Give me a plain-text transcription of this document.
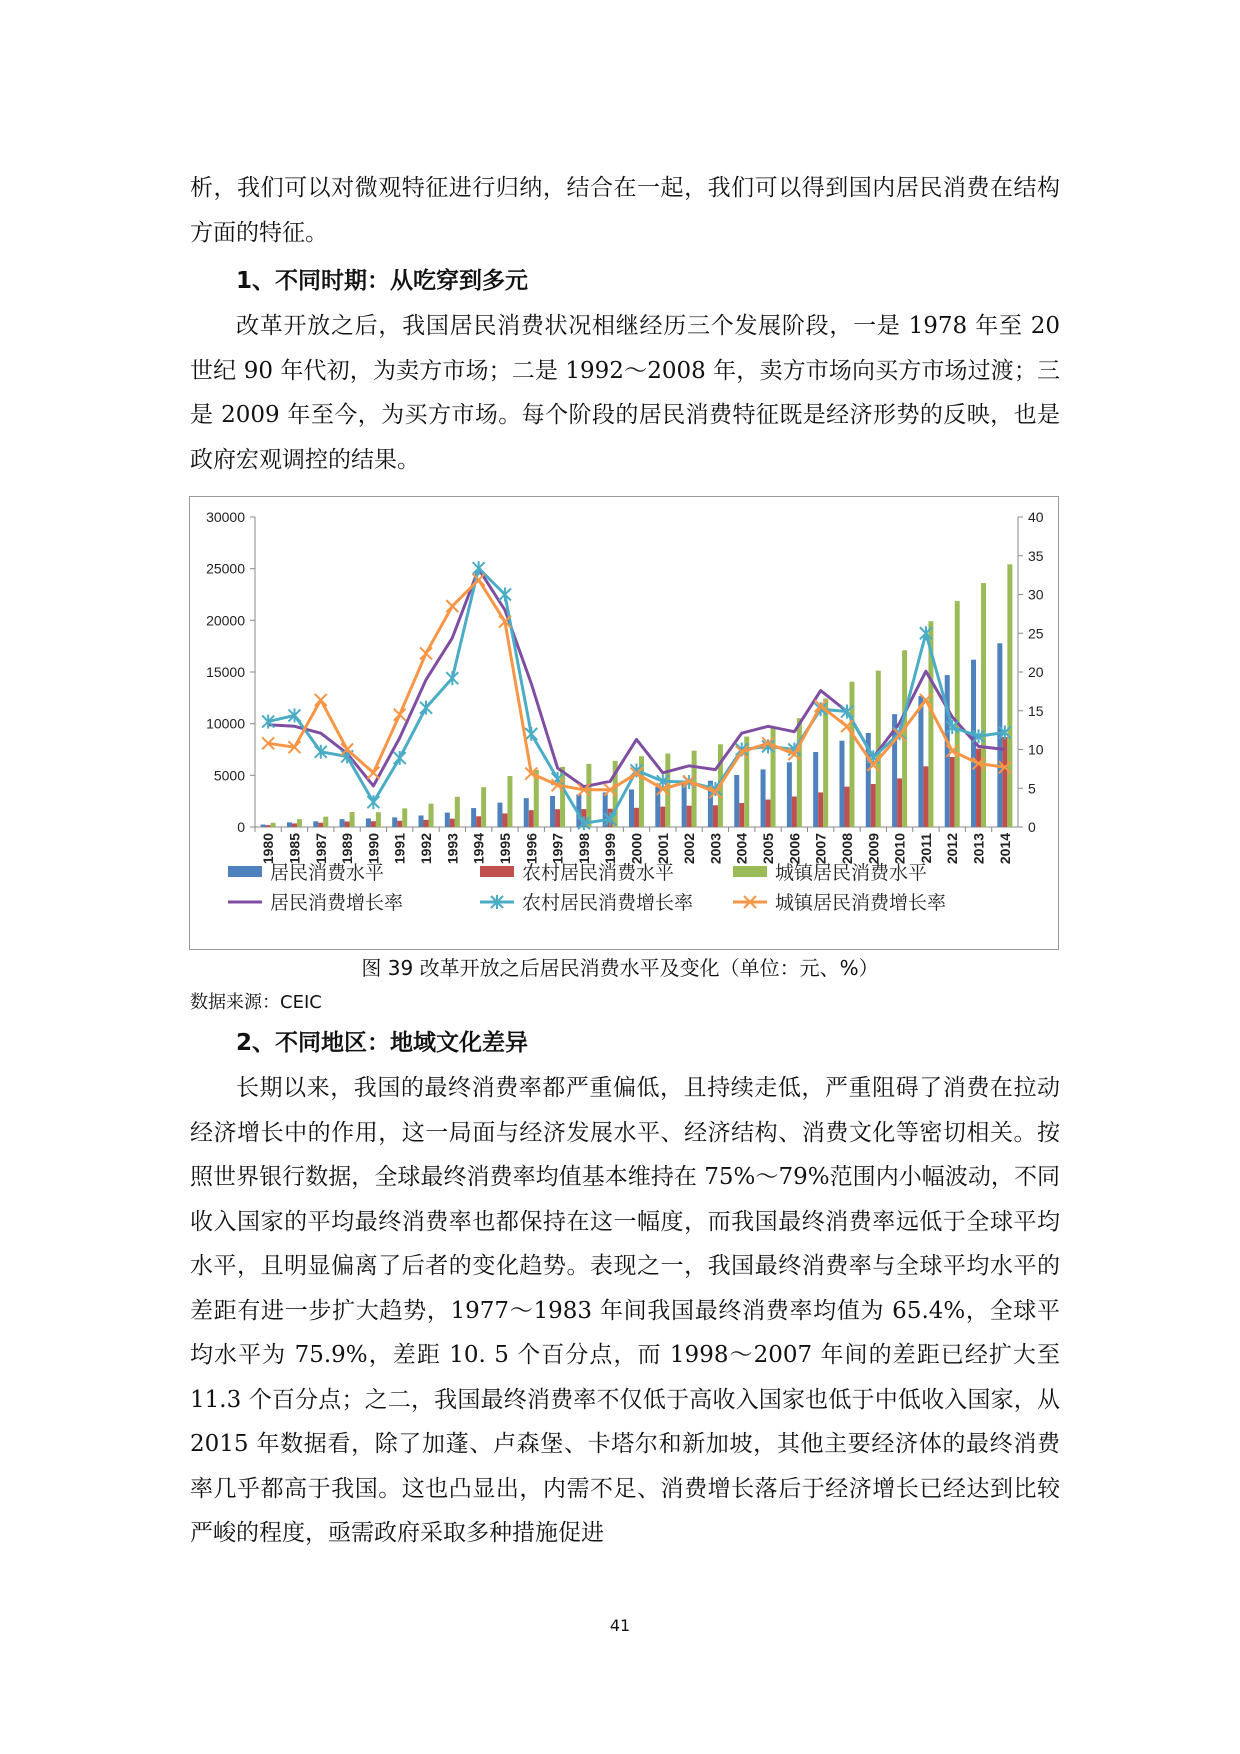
析，我们可以对微观特征进行归纳，结合在一起，我们可以得到国内居民消费在结构方面的特征。

1、不同时期：从吃穿到多元

改革开放之后，我国居民消费状况相继经历三个发展阶段，一是 1978 年至 20 世纪 90 年代初，为卖方市场；二是 1992～2008 年，卖方市场向买方市场过渡；三是 2009 年至今，为买方市场。每个阶段的居民消费特征既是经济形势的反映，也是政府宏观调控的结果。

0
5000
10000
15000
20000
25000
30000
0
5
10
15
20
25
30
35
40
1980 1985 1987 1989 1990 1991 1992 1993 1994 1995 1996 1997 1998 1999 2000 2001 2002 2003 2004 2005 2006 2007 2008 2009 2010 2011 2012 2013 2014
居民消费水平	农村居民消费水平	城镇居民消费水平
居民消费增长率	农村居民消费增长率	城镇居民消费增长率

图 39 改革开放之后居民消费水平及变化（单位：元、%）

数据来源：CEIC

2、不同地区：地域文化差异

长期以来，我国的最终消费率都严重偏低，且持续走低，严重阻碍了消费在拉动经济增长中的作用，这一局面与经济发展水平、经济结构、消费文化等密切相关。按照世界银行数据，全球最终消费率均值基本维持在 75%～79%范围内小幅波动，不同收入国家的平均最终消费率也都保持在这一幅度，而我国最终消费率远低于全球平均水平，且明显偏离了后者的变化趋势。表现之一，我国最终消费率与全球平均水平的差距有进一步扩大趋势，1977～1983 年间我国最终消费率均值为 65.4%，全球平均水平为 75.9%，差距 10. 5 个百分点，而 1998～2007 年间的差距已经扩大至 11.3 个百分点；之二，我国最终消费率不仅低于高收入国家也低于中低收入国家，从 2015 年数据看，除了加蓬、卢森堡、卡塔尔和新加坡，其他主要经济体的最终消费率几乎都高于我国。这也凸显出，内需不足、消费增长落后于经济增长已经达到比较严峻的程度，亟需政府采取多种措施促进

41
